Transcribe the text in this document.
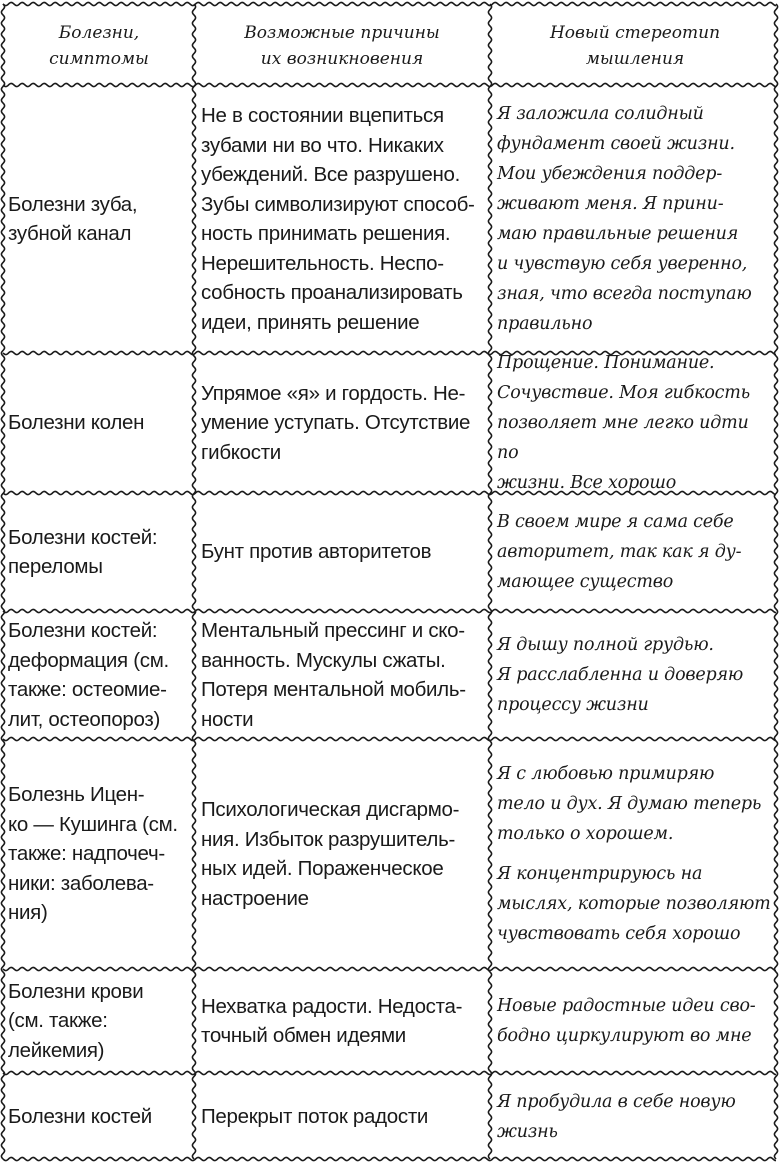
Болезни,
симптомы
Возможные причины
их возникновения
Новый стереотип
мышления
Болезни зуба,
зубной канал
Не в состоянии вцепиться
зубами ни во что. Никаких
убеждений. Все разрушено.
Зубы символизируют способ-
ность принимать решения.
Нерешительность. Неспо-
собность проанализировать
идеи, принять решение
Я заложила солидный
фундамент своей жизни.
Мои убеждения поддер-
живают меня. Я прини-
маю правильные решения
и чувствую себя уверенно,
зная, что всегда поступаю
правильно
Болезни колен
Упрямое «я» и гордость. Не-
умение уступать. Отсутствие
гибкости
Прощение. Понимание.
Сочувствие. Моя гибкость
позволяет мне легко идти по
жизни. Все хорошо
Болезни костей:
переломы
Бунт против авторитетов
В своем мире я сама себе
авторитет, так как я ду-
мающее существо
Болезни костей:
деформация (см.
также: остеомие-
лит, остеопороз)
Ментальный прессинг и ско-
ванность. Мускулы сжаты.
Потеря ментальной мобиль-
ности
Я дышу полной грудью.
Я расслабленна и доверяю
процессу жизни
Болезнь Ицен-
ко — Кушинга (см.
также: надпочеч-
ники: заболева-
ния)
Психологическая дисгармо-
ния. Избыток разрушитель-
ных идей. Пораженческое
настроение
Я с любовью примиряю
тело и дух. Я думаю теперь
только о хорошем.
Я концентрируюсь на
мыслях, которые позволяют
чувствовать себя хорошо
Болезни крови
(см. также:
лейкемия)
Нехватка радости. Недоста-
точный обмен идеями
Новые радостные идеи сво-
бодно циркулируют во мне
Болезни костей Перекрыт поток радости
Я пробудила в себе новую
жизнь
